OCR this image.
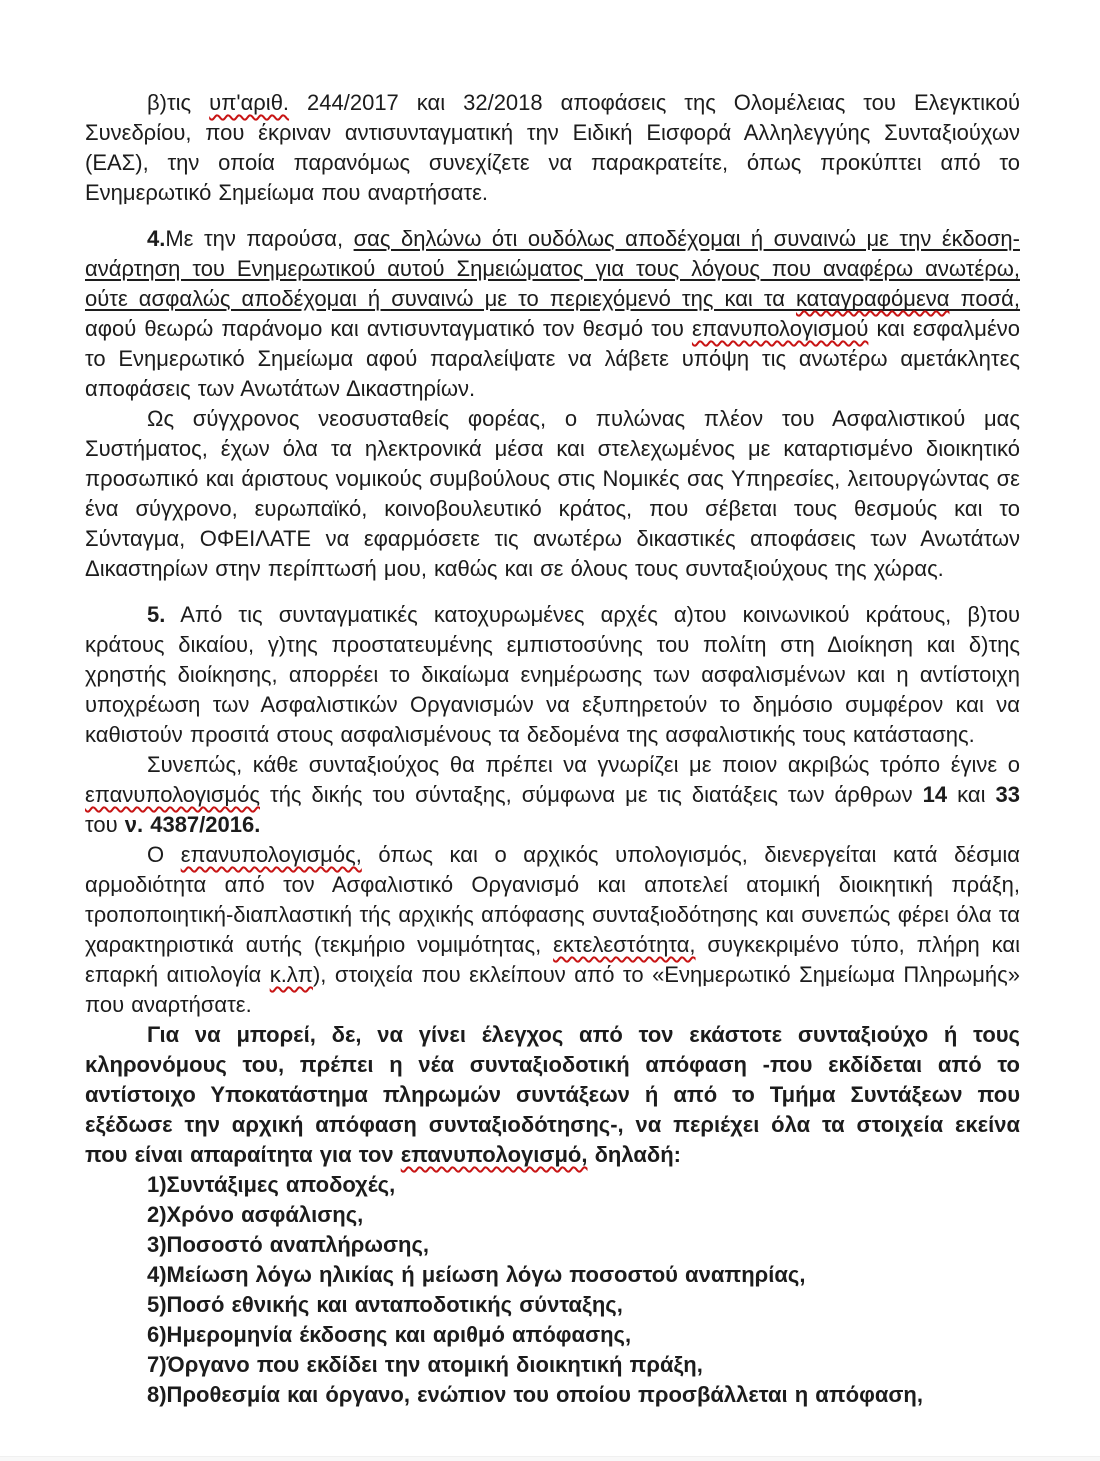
β)τις υπ'αριθ. 244/2017 και 32/2018 αποφάσεις της Ολομέλειας του Ελεγκτικού Συνεδρίου, που έκριναν αντισυνταγματική την Ειδική Εισφορά Αλληλεγγύης Συνταξιούχων (ΕΑΣ), την οποία παρανόμως συνεχίζετε να παρακρατείτε, όπως προκύπτει από το Ενημερωτικό Σημείωμα που αναρτήσατε.

4.Με την παρούσα, σας δηλώνω ότι ουδόλως αποδέχομαι ή συναινώ με την έκδοση-ανάρτηση του Ενημερωτικού αυτού Σημειώματος για τους λόγους που αναφέρω ανωτέρω, ούτε ασφαλώς αποδέχομαι ή συναινώ με το περιεχόμενό της και τα καταγραφόμενα ποσά, αφού θεωρώ παράνομο και αντισυνταγματικό τον θεσμό του επανυπολογισμού και εσφαλμένο το Ενημερωτικό Σημείωμα αφού παραλείψατε να λάβετε υπόψη τις ανωτέρω αμετάκλητες αποφάσεις των Ανωτάτων Δικαστηρίων.

Ως σύγχρονος νεοσυσταθείς φορέας, ο πυλώνας πλέον του Ασφαλιστικού μας Συστήματος, έχων όλα τα ηλεκτρονικά μέσα και στελεχωμένος με καταρτισμένο διοικητικό προσωπικό και άριστους νομικούς συμβούλους στις Νομικές σας Υπηρεσίες, λειτουργώντας σε ένα σύγχρονο, ευρωπαϊκό, κοινοβουλευτικό κράτος, που σέβεται τους θεσμούς και το Σύνταγμα, ΟΦΕΙΛΑΤΕ να εφαρμόσετε τις ανωτέρω δικαστικές αποφάσεις των Ανωτάτων Δικαστηρίων στην περίπτωσή μου, καθώς και σε όλους τους συνταξιούχους της χώρας.

5. Από τις συνταγματικές κατοχυρωμένες αρχές α)του κοινωνικού κράτους, β)του κράτους δικαίου, γ)της προστατευμένης εμπιστοσύνης του πολίτη στη Διοίκηση και δ)της χρηστής διοίκησης, απορρέει το δικαίωμα ενημέρωσης των ασφαλισμένων και η αντίστοιχη υποχρέωση των Ασφαλιστικών Οργανισμών να εξυπηρετούν το δημόσιο συμφέρον και να καθιστούν προσιτά στους ασφαλισμένους τα δεδομένα της ασφαλιστικής τους κατάστασης.

Συνεπώς, κάθε συνταξιούχος θα πρέπει να γνωρίζει με ποιον ακριβώς τρόπο έγινε ο επανυπολογισμός τής δικής του σύνταξης, σύμφωνα με τις διατάξεις των άρθρων 14 και 33 του ν. 4387/2016.

Ο επανυπολογισμός, όπως και ο αρχικός υπολογισμός, διενεργείται κατά δέσμια αρμοδιότητα από τον Ασφαλιστικό Οργανισμό και αποτελεί ατομική διοικητική πράξη, τροποποιητική-διαπλαστική τής αρχικής απόφασης συνταξιοδότησης και συνεπώς φέρει όλα τα χαρακτηριστικά αυτής (τεκμήριο νομιμότητας, εκτελεστότητα, συγκεκριμένο τύπο, πλήρη και επαρκή αιτιολογία κ.λπ), στοιχεία που εκλείπουν από το «Ενημερωτικό Σημείωμα Πληρωμής» που αναρτήσατε.

Για να μπορεί, δε, να γίνει έλεγχος από τον εκάστοτε συνταξιούχο ή τους κληρονόμους του, πρέπει η νέα συνταξιοδοτική απόφαση -που εκδίδεται από το αντίστοιχο Υποκατάστημα πληρωμών συντάξεων ή από το Τμήμα Συντάξεων που εξέδωσε την αρχική απόφαση συνταξιοδότησης-, να περιέχει όλα τα στοιχεία εκείνα που είναι απαραίτητα για τον επανυπολογισμό, δηλαδή:

1)Συντάξιμες αποδοχές,

2)Χρόνο ασφάλισης,

3)Ποσοστό αναπλήρωσης,

4)Μείωση λόγω ηλικίας ή μείωση λόγω ποσοστού αναπηρίας,

5)Ποσό εθνικής και ανταποδοτικής σύνταξης,

6)Ημερομηνία έκδοσης και αριθμό απόφασης,

7)Όργανο που εκδίδει την ατομική διοικητική πράξη,

8)Προθεσμία και όργανο, ενώπιον του οποίου προσβάλλεται η απόφαση,
